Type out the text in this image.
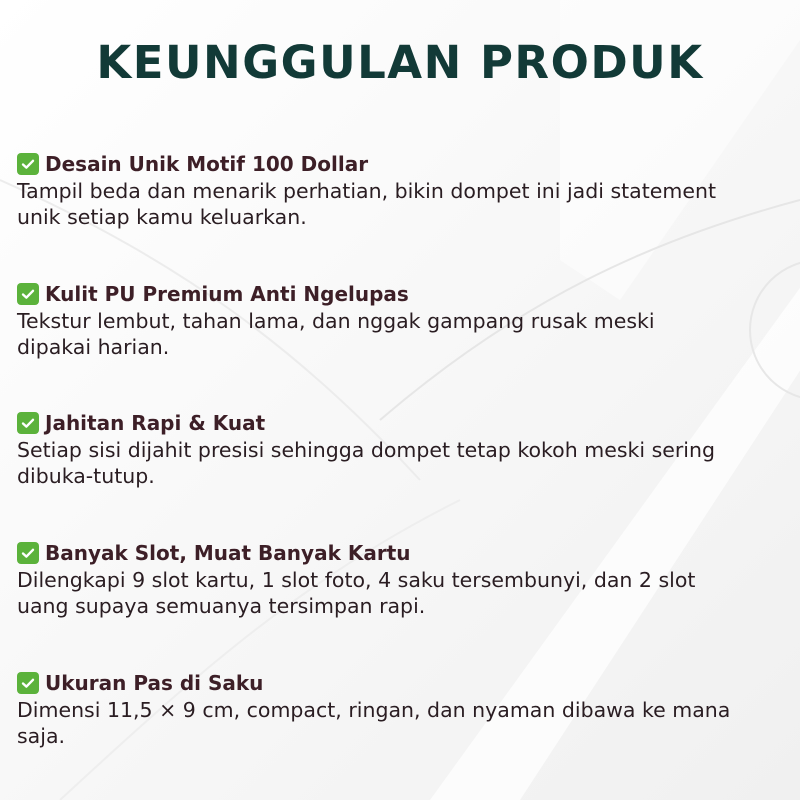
KEUNGGULAN PRODUK
Desain Unik Motif 100 Dollar
Tampil beda dan menarik perhatian, bikin dompet ini jadi statement
unik setiap kamu keluarkan.
Kulit PU Premium Anti Ngelupas
Tekstur lembut, tahan lama, dan nggak gampang rusak meski
dipakai harian.
Jahitan Rapi & Kuat
Setiap sisi dijahit presisi sehingga dompet tetap kokoh meski sering
dibuka-tutup.
Banyak Slot, Muat Banyak Kartu
Dilengkapi 9 slot kartu, 1 slot foto, 4 saku tersembunyi, dan 2 slot
uang supaya semuanya tersimpan rapi.
Ukuran Pas di Saku
Dimensi 11,5 × 9 cm, compact, ringan, dan nyaman dibawa ke mana
saja.
